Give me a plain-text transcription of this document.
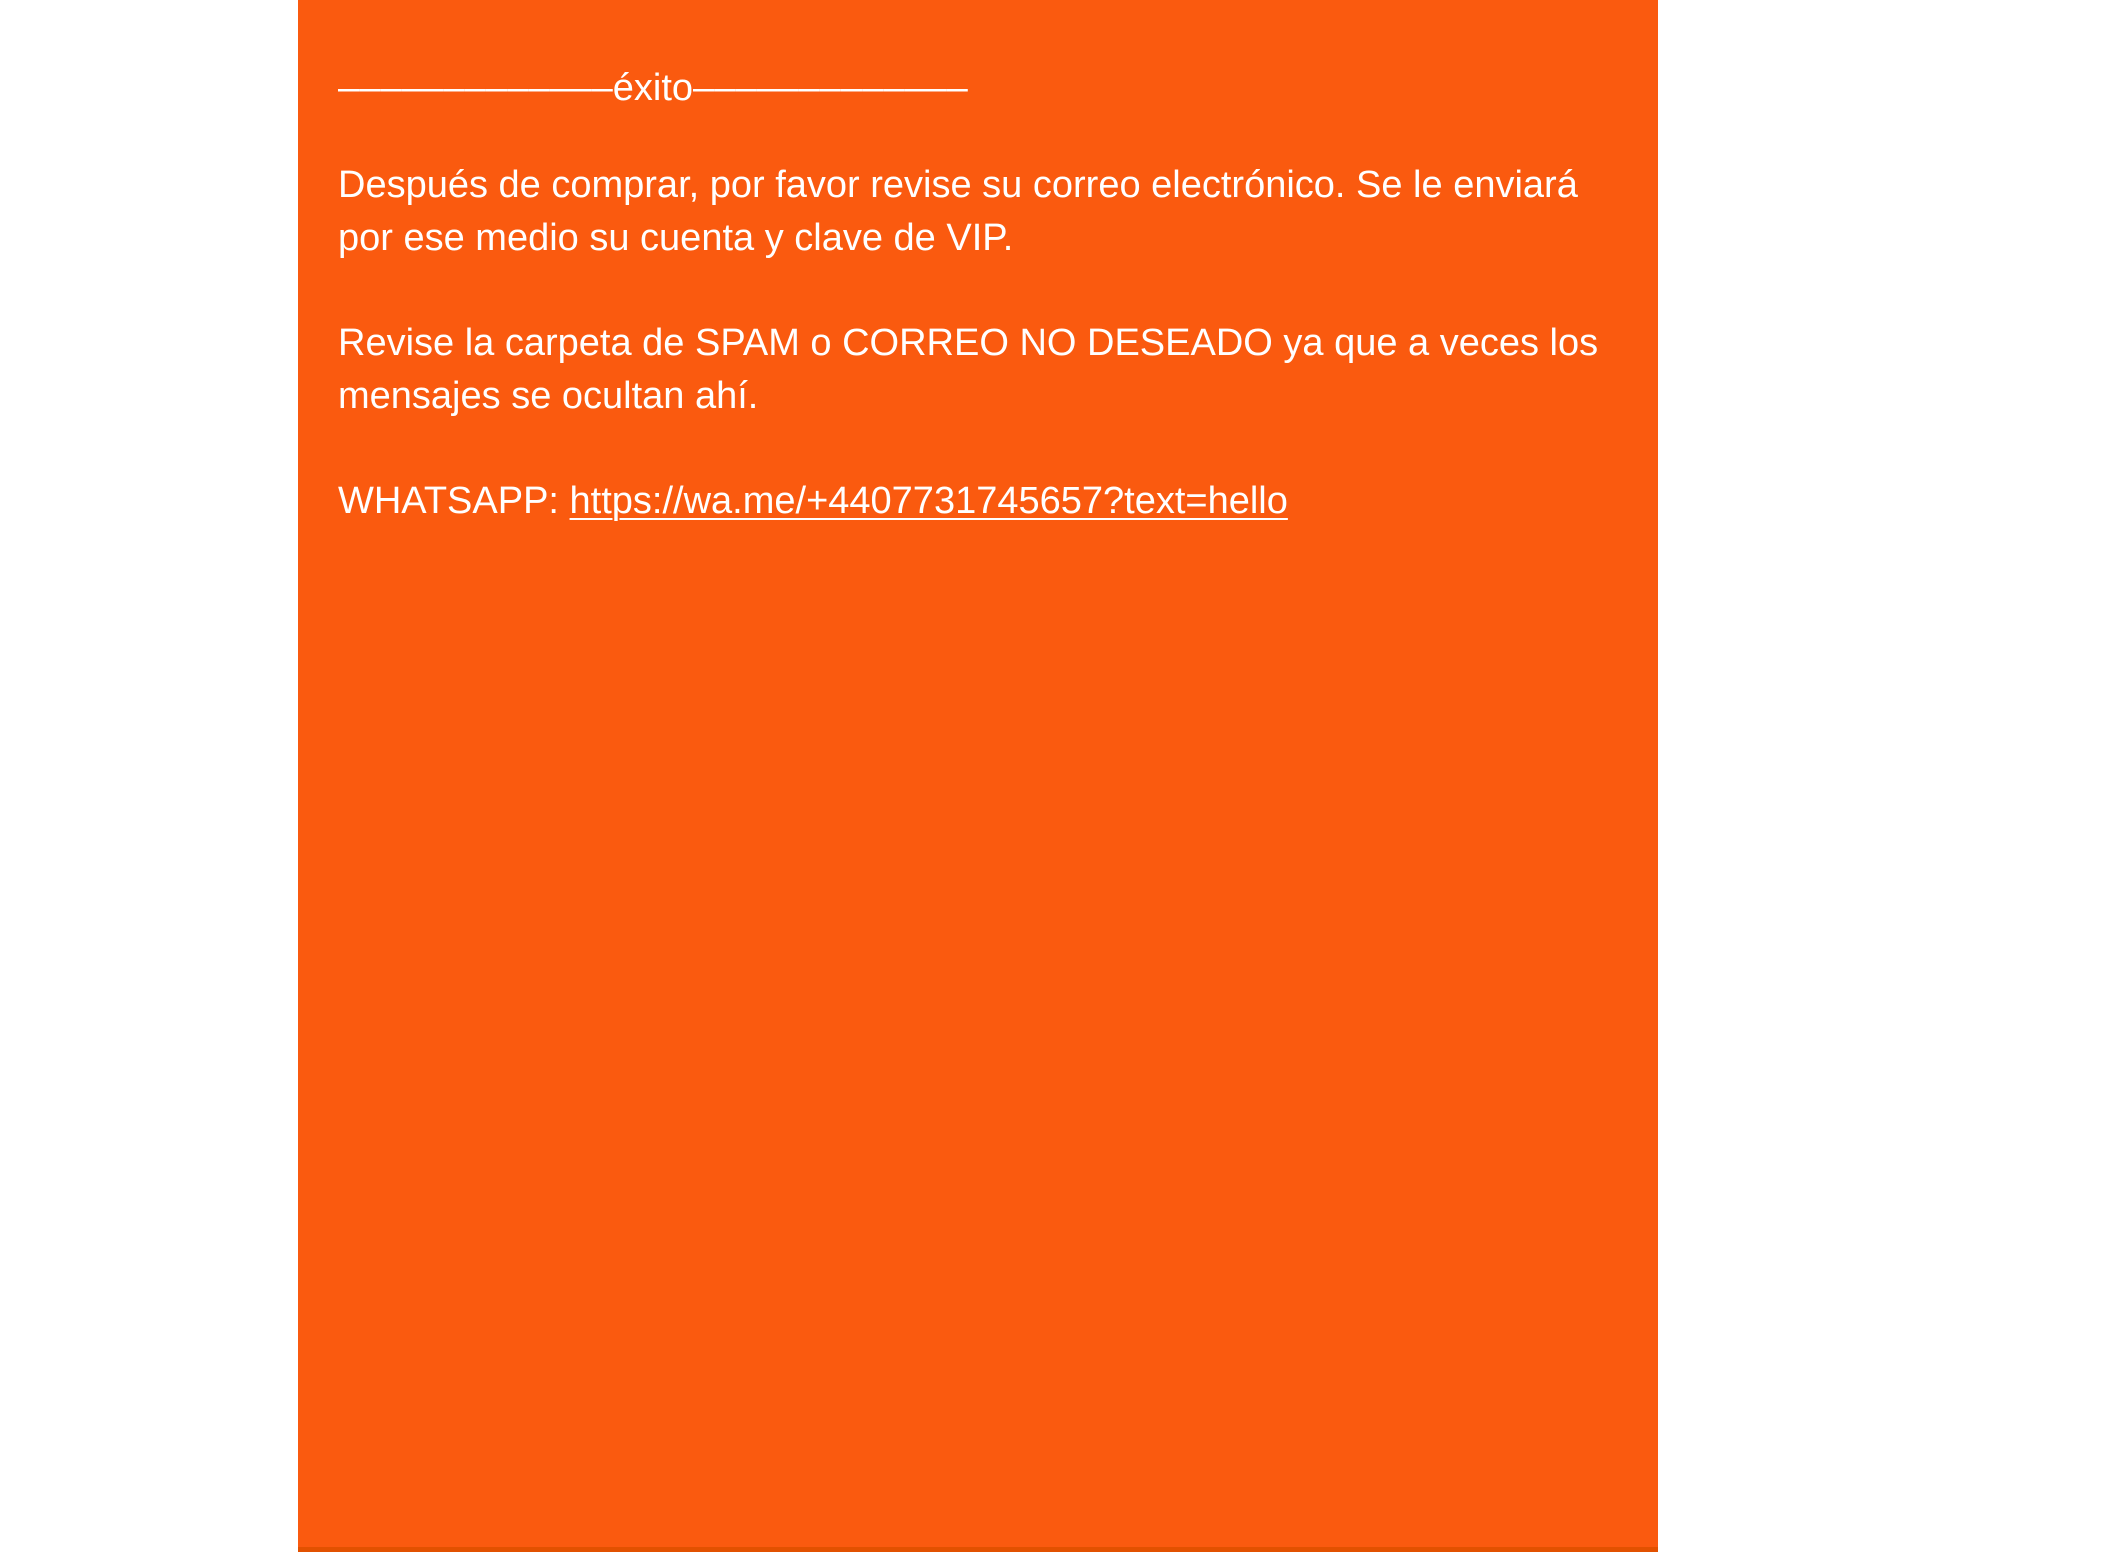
–––––––––––––éxito–––––––––––––

Después de comprar, por favor revise su correo electrónico. Se le enviará por ese medio su cuenta y clave de VIP.

Revise la carpeta de SPAM o CORREO NO DESEADO ya que a veces los mensajes se ocultan ahí.

WHATSAPP: https://wa.me/+4407731745657?text=hello
